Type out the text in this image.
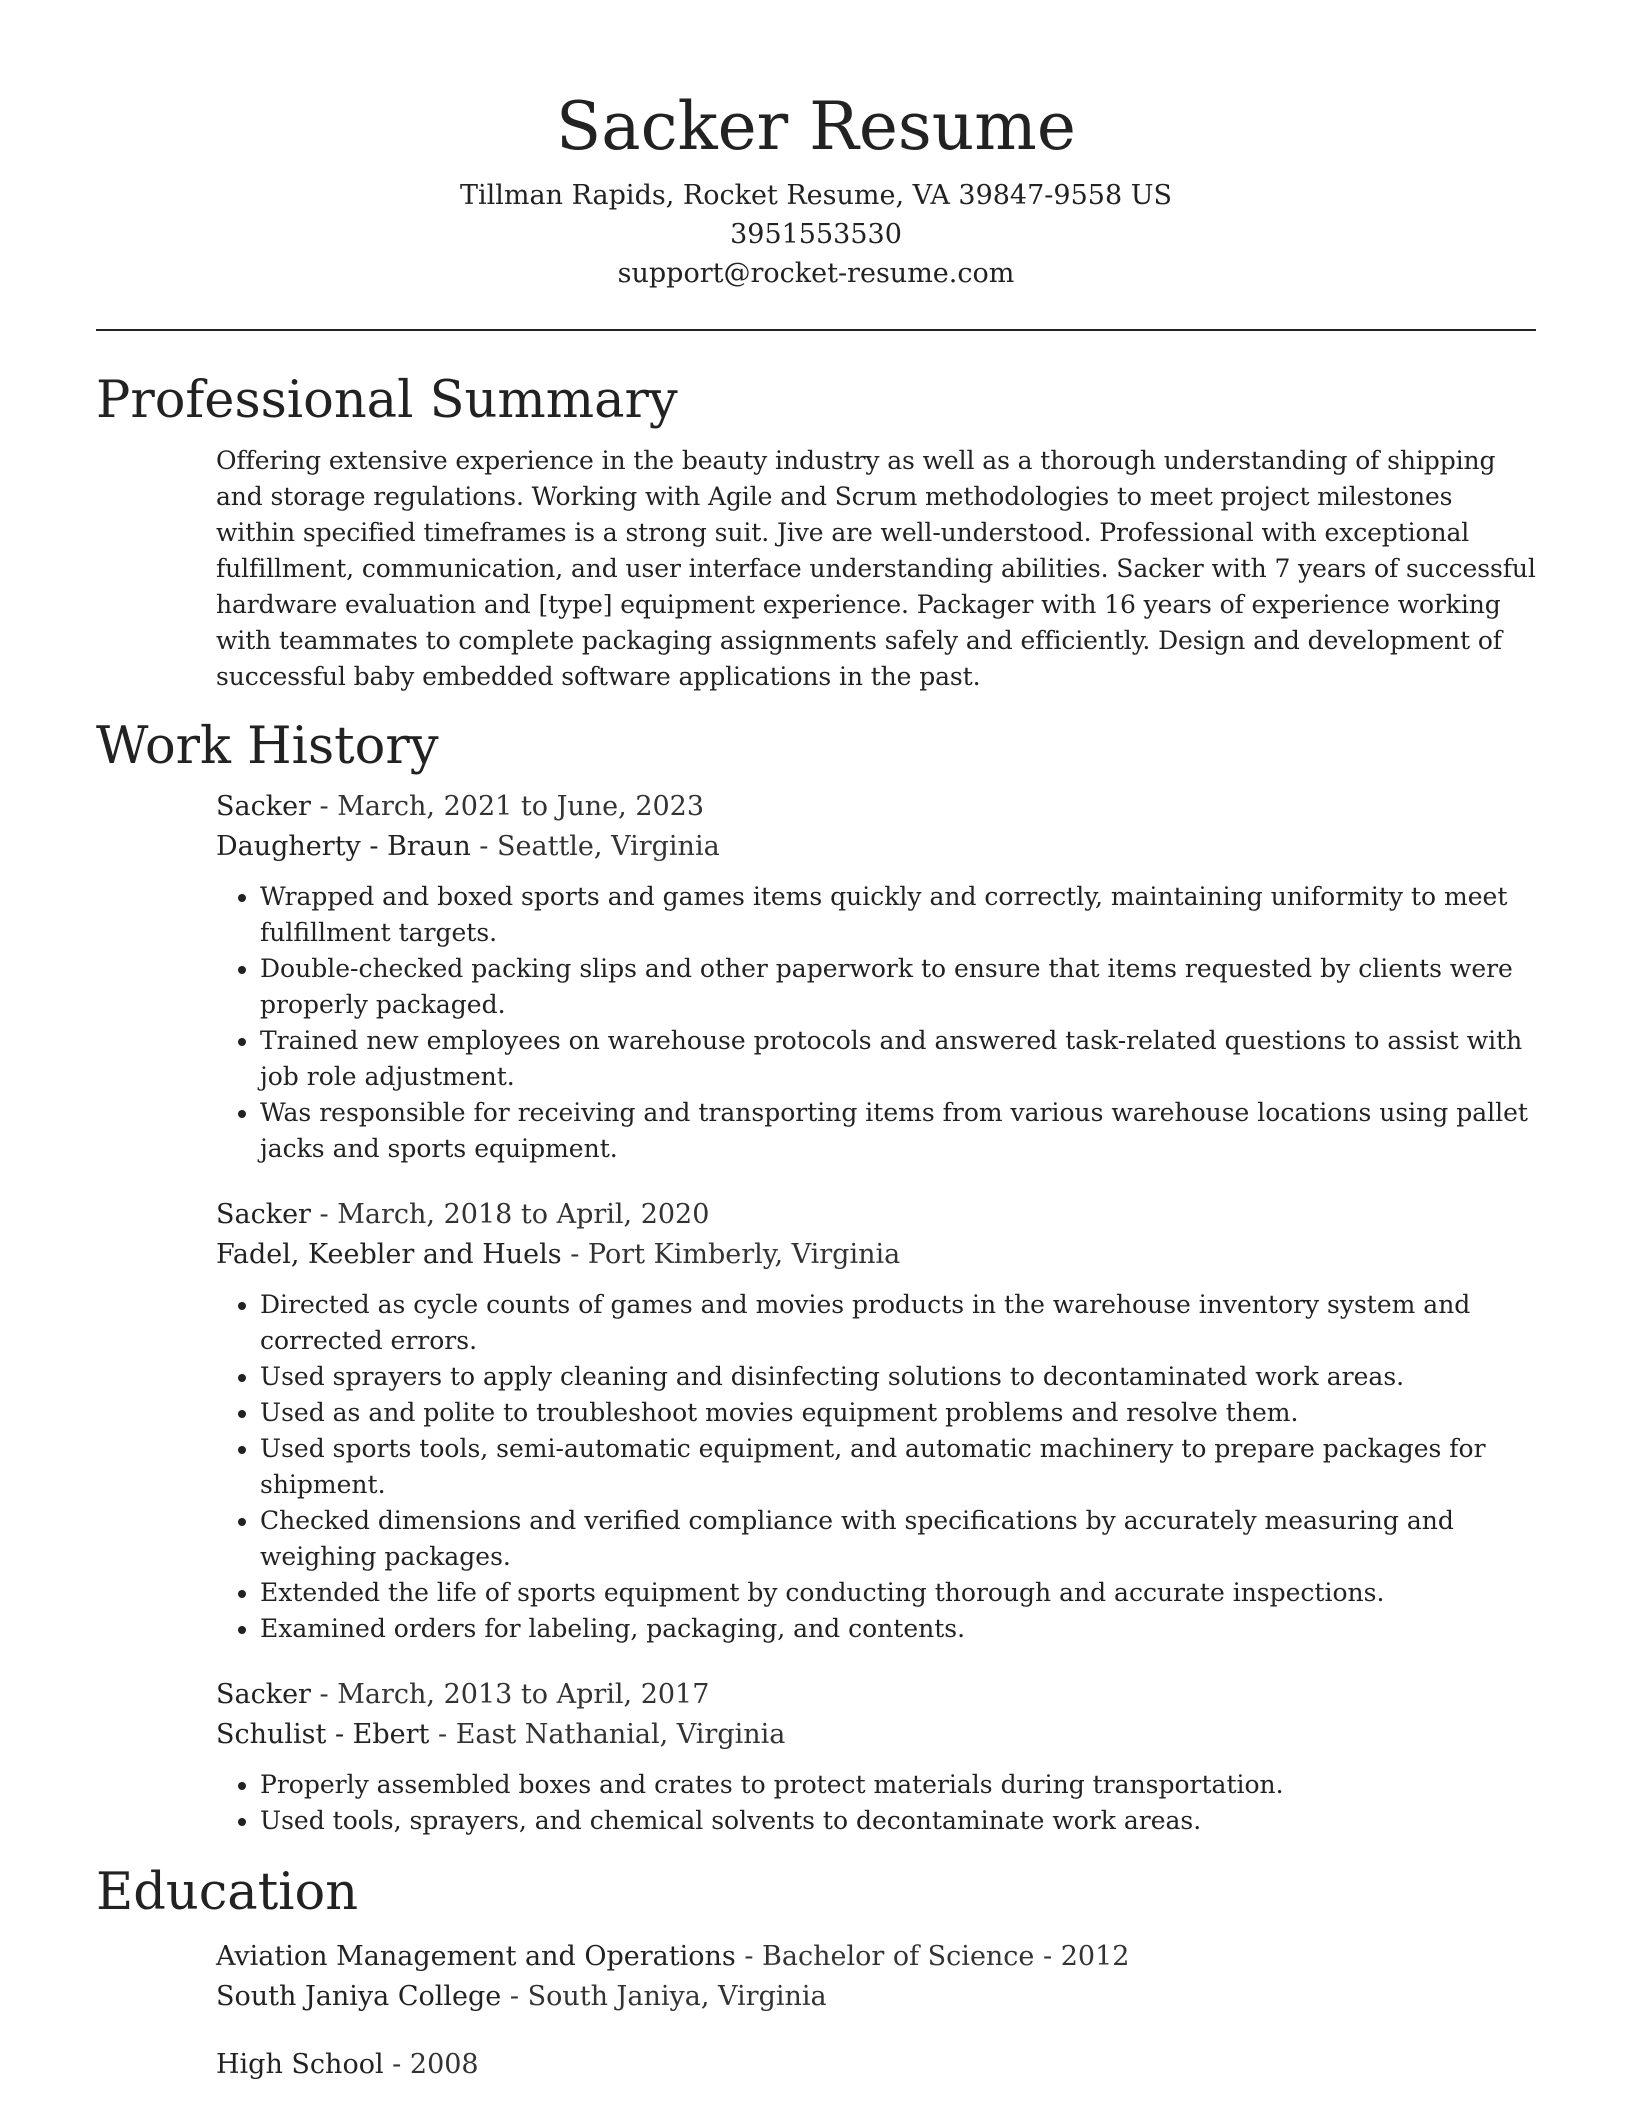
Sacker Resume

Tillman Rapids, Rocket Resume, VA 39847-9558 US

3951553530

support@rocket-resume.com

Professional Summary

Offering extensive experience in the beauty industry as well as a thorough understanding of shipping and storage regulations. Working with Agile and Scrum methodologies to meet project milestones within specified timeframes is a strong suit. Jive are well-understood. Professional with exceptional fulfillment, communication, and user interface understanding abilities. Sacker with 7 years of successful hardware evaluation and [type] equipment experience. Packager with 16 years of experience working with teammates to complete packaging assignments safely and efficiently. Design and development of successful baby embedded software applications in the past.

Work History

Sacker - March, 2021 to June, 2023

Daugherty - Braun - Seattle, Virginia

• Wrapped and boxed sports and games items quickly and correctly, maintaining uniformity to meet fulfillment targets.
• Double-checked packing slips and other paperwork to ensure that items requested by clients were properly packaged.
• Trained new employees on warehouse protocols and answered task-related questions to assist with job role adjustment.
• Was responsible for receiving and transporting items from various warehouse locations using pallet jacks and sports equipment.

Sacker - March, 2018 to April, 2020

Fadel, Keebler and Huels - Port Kimberly, Virginia

• Directed as cycle counts of games and movies products in the warehouse inventory system and corrected errors.
• Used sprayers to apply cleaning and disinfecting solutions to decontaminated work areas.
• Used as and polite to troubleshoot movies equipment problems and resolve them.
• Used sports tools, semi-automatic equipment, and automatic machinery to prepare packages for shipment.
• Checked dimensions and verified compliance with specifications by accurately measuring and weighing packages.
• Extended the life of sports equipment by conducting thorough and accurate inspections.
• Examined orders for labeling, packaging, and contents.

Sacker - March, 2013 to April, 2017

Schulist - Ebert - East Nathanial, Virginia

• Properly assembled boxes and crates to protect materials during transportation.
• Used tools, sprayers, and chemical solvents to decontaminate work areas.
Education

Aviation Management and Operations - Bachelor of Science - 2012

South Janiya College - South Janiya, Virginia

High School - 2008
